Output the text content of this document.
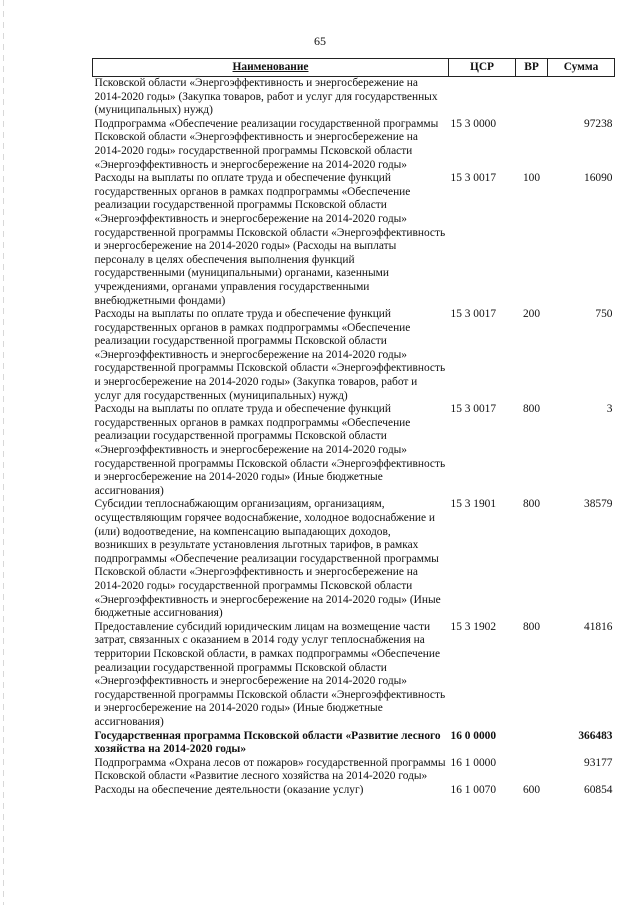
65
Наименование	ЦСР	ВР	Сумма
Псковской области «Энергоэффективность и энергосбережение на 2014-2020 годы» (Закупка товаров, работ и услуг для государственных (муниципальных) нужд)			
Подпрограмма «Обеспечение реализации государственной программы Псковской области «Энергоэффективность и энергосбережение на 2014-2020 годы» государственной программы Псковской области «Энергоэффективность и энергосбережение на 2014-2020 годы»	15 3 0000		97238
Расходы на выплаты по оплате труда и обеспечение функций государственных органов в рамках подпрограммы «Обеспечение реализации государственной программы Псковской области «Энергоэффективность и энергосбережение на 2014-2020 годы» государственной программы Псковской области «Энергоэффективность и энергосбережение на 2014-2020 годы» (Расходы на выплаты персоналу в целях обеспечения выполнения функций государственными (муниципальными) органами, казенными учреждениями, органами управления государственными внебюджетными фондами)	15 3 0017	100	16090
Расходы на выплаты по оплате труда и обеспечение функций государственных органов в рамках подпрограммы «Обеспечение реализации государственной программы Псковской области «Энергоэффективность и энергосбережение на 2014-2020 годы» государственной программы Псковской области «Энергоэффективность и энергосбережение на 2014-2020 годы» (Закупка товаров, работ и услуг для государственных (муниципальных) нужд)	15 3 0017	200	750
Расходы на выплаты по оплате труда и обеспечение функций государственных органов в рамках подпрограммы «Обеспечение реализации государственной программы Псковской области «Энергоэффективность и энергосбережение на 2014-2020 годы» государственной программы Псковской области «Энергоэффективность и энергосбережение на 2014-2020 годы» (Иные бюджетные ассигнования)	15 3 0017	800	3
Субсидии теплоснабжающим организациям, организациям, осуществляющим горячее водоснабжение, холодное водоснабжение и (или) водоотведение, на компенсацию выпадающих доходов, возникших в результате установления льготных тарифов, в рамках подпрограммы «Обеспечение реализации государственной программы Псковской области «Энергоэффективность и энергосбережение на 2014-2020 годы» государственной программы Псковской области «Энергоэффективность и энергосбережение на 2014-2020 годы» (Иные бюджетные ассигнования)	15 3 1901	800	38579
Предоставление субсидий юридическим лицам на возмещение части затрат, связанных с оказанием в 2014 году услуг теплоснабжения на территории Псковской области, в рамках подпрограммы «Обеспечение реализации государственной программы Псковской области «Энергоэффективность и энергосбережение на 2014-2020 годы» государственной программы Псковской области «Энергоэффективность и энергосбережение на 2014-2020 годы» (Иные бюджетные ассигнования)	15 3 1902	800	41816
Государственная программа Псковской области «Развитие лесного хозяйства на 2014-2020 годы»	16 0 0000		366483
Подпрограмма «Охрана лесов от пожаров» государственной программы Псковской области «Развитие лесного хозяйства на 2014-2020 годы»	16 1 0000		93177
Расходы на обеспечение деятельности (оказание услуг)	16 1 0070	600	60854
